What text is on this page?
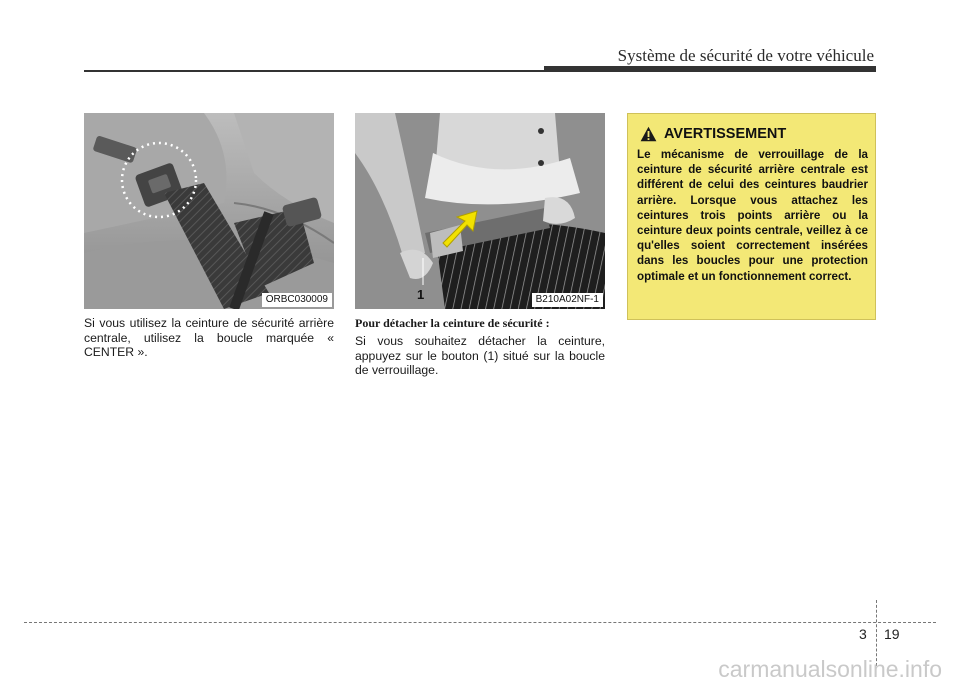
Système de sécurité de votre véhicule
ORBC030009	1	B210A02NF-1
Si vous utilisez la ceinture de sécurité arrière centrale, utilisez la boucle marquée « CENTER ».
Pour détacher la ceinture de sécurité :
Si vous souhaitez détacher la ceinture, appuyez sur le bouton (1) situé sur la boucle de verrouillage.
AVERTISSEMENT
Le mécanisme de verrouillage de la ceinture de sécurité arrière centrale est différent de celui des ceintures baudrier arrière. Lorsque vous attachez les ceintures trois points arrière ou la ceinture deux points centrale, veillez à ce qu'elles soient correctement insérées dans les boucles pour une protection optimale et un fonctionnement correct.
3 19
carmanualsonline.info
